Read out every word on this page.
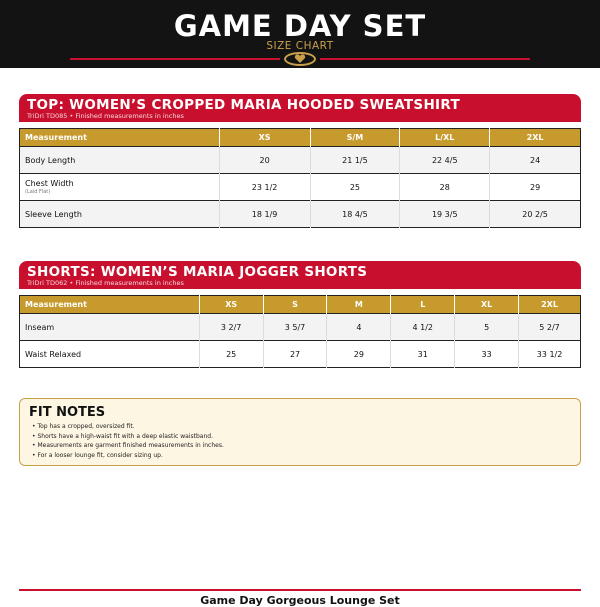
GAME DAY SET
SIZE CHART
TOP: WOMEN’S CROPPED MARIA HOODED SWEATSHIRT
TriDri TD085 • Finished measurements in inches
Measurement	XS	S/M	L/XL	2XL
Body Length	20	21 1/5	22 4/5	24
Chest Width
(Laid Flat)	23 1/2	25	28	29
Sleeve Length	18 1/9	18 4/5	19 3/5	20 2/5
SHORTS: WOMEN’S MARIA JOGGER SHORTS
TriDri TD062 • Finished measurements in inches
Measurement	XS	S	M	L	XL	2XL
Inseam	3 2/7	3 5/7	4	4 1/2	5	5 2/7
Waist Relaxed	25	27	29	31	33	33 1/2
FIT NOTES
• Top has a cropped, oversized fit.
• Shorts have a high-waist fit with a deep elastic waistband.
• Measurements are garment finished measurements in inches.
• For a looser lounge fit, consider sizing up.
Game Day Gorgeous Lounge Set
